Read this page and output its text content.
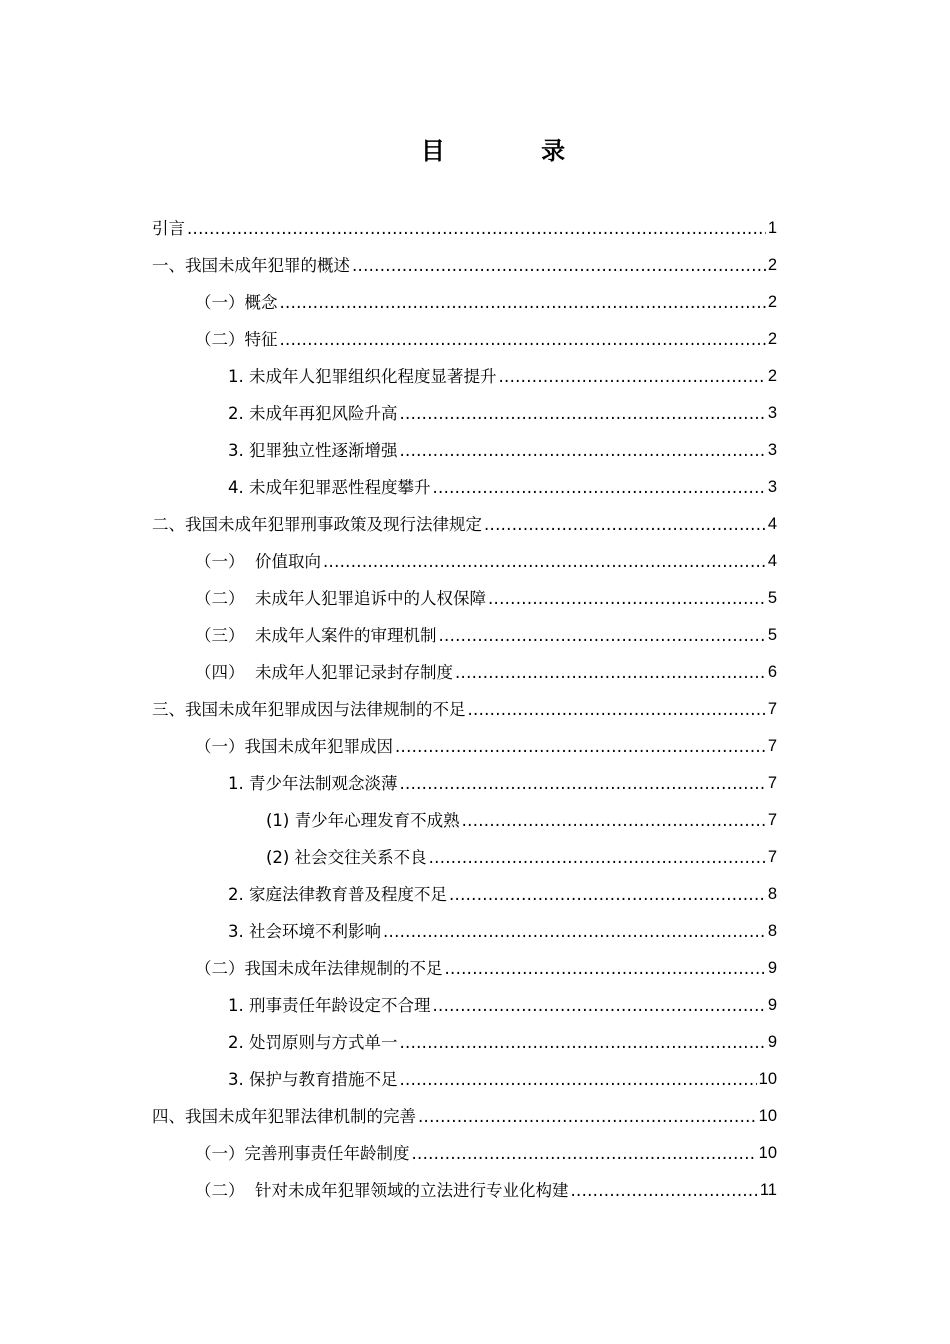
目 录
引言 .....	1
一、我国未成年犯罪的概述 .....	2
（一）概念 .....	2
（二）特征 .....	2
1. 未成年人犯罪组织化程度显著提升 .....	2
2. 未成年再犯风险升高 .....	3
3. 犯罪独立性逐渐增强 .....	3
4. 未成年犯罪恶性程度攀升 .....	3
二、我国未成年犯罪刑事政策及现行法律规定 .....	4
（一）  价值取向 .....	4
（二）  未成年人犯罪追诉中的人权保障 .....	5
（三）  未成年人案件的审理机制 .....	5
（四）  未成年人犯罪记录封存制度 .....	6
三、我国未成年犯罪成因与法律规制的不足 .....	7
（一）我国未成年犯罪成因 .....	7
1. 青少年法制观念淡薄 .....	7
(1) 青少年心理发育不成熟 .....	7
(2) 社会交往关系不良 .....	7
2. 家庭法律教育普及程度不足 .....	8
3. 社会环境不利影响 .....	8
（二）我国未成年法律规制的不足 .....	9
1. 刑事责任年龄设定不合理 .....	9
2. 处罚原则与方式单一 .....	9
3. 保护与教育措施不足 .....	10
四、我国未成年犯罪法律机制的完善 .....	10
（一）完善刑事责任年龄制度 .....	10
（二）  针对未成年犯罪领域的立法进行专业化构建 .....	11
